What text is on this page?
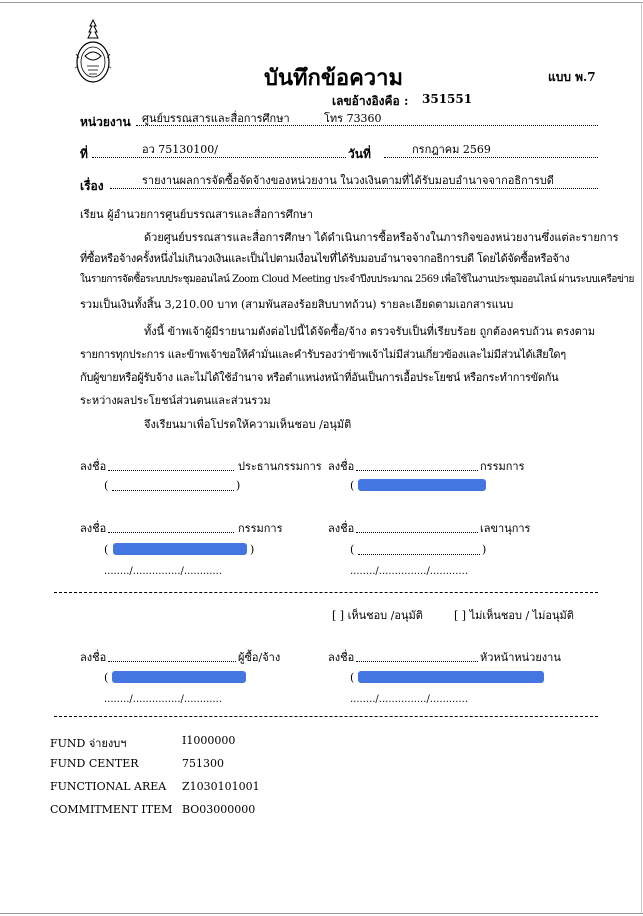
บันทึกข้อความ	แบบ พ.7
เลขอ้างอิงคือ : 351551
หน่วยงาน ศูนย์บรรณสารและสื่อการศึกษา	โทร 73360
ที่	อว 75130100/	วันที่	กรกฎาคม 2569
เรื่อง	รายงานผลการจัดซื้อจัดจ้างของหน่วยงาน ในวงเงินตามที่ได้รับมอบอำนาจจากอธิการบดี
เรียน ผู้อำนวยการศูนย์บรรณสารและสื่อการศึกษา
ด้วยศูนย์บรรณสารและสื่อการศึกษา ได้ดำเนินการซื้อหรือจ้างในภารกิจของหน่วยงานซึ่งแต่ละรายการ
ที่ซื้อหรือจ้างครั้งหนึ่งไม่เกินวงเงินและเป็นไปตามเงื่อนไขที่ได้รับมอบอำนาจจากอธิการบดี โดยได้จัดซื้อหรือจ้าง
ในรายการจัดซื้อระบบประชุมออนไลน์ Zoom Cloud Meeting ประจำปีงบประมาณ 2569 เพื่อใช้ในงานประชุมออนไลน์ ผ่านระบบเครือข่าย
รวมเป็นเงินทั้งสิ้น 3,210.00 บาท (สามพันสองร้อยสิบบาทถ้วน) รายละเอียดตามเอกสารแนบ
ทั้งนี้ ข้าพเจ้าผู้มีรายนามดังต่อไปนี้ได้จัดซื้อ/จ้าง ตรวจรับเป็นที่เรียบร้อย ถูกต้องครบถ้วน ตรงตาม
รายการทุกประการ และข้าพเจ้าขอให้คำมั่นและคำรับรองว่าข้าพเจ้าไม่มีส่วนเกี่ยวข้องและไม่มีส่วนได้เสียใดๆ
กับผู้ขายหรือผู้รับจ้าง และไม่ได้ใช้อำนาจ หรือตำแหน่งหน้าที่อันเป็นการเอื้อประโยชน์ หรือกระทำการขัดกัน
ระหว่างผลประโยชน์ส่วนตนและส่วนรวม
จึงเรียนมาเพื่อโปรดให้ความเห็นชอบ /อนุมัติ
ลงชื่อ	ประธานกรรมการ ลงชื่อ	กรรมการ
(	)	(
ลงชื่อ	กรรมการ	ลงชื่อ	เลขานุการ
(	)	(	)
......../.............../............	......../.............../............
[ ] เห็นชอบ /อนุมัติ	[ ] ไม่เห็นชอบ / ไม่อนุมัติ
ลงชื่อ	ผู้ซื้อ/จ้าง	ลงชื่อ	หัวหน้าหน่วยงาน
(	(
......../.............../............	......../.............../............
FUND จ่ายงบฯ	I1000000
FUND CENTER	751300
FUNCTIONAL AREA Z1030101001
COMMITMENT ITEM BO03000000
